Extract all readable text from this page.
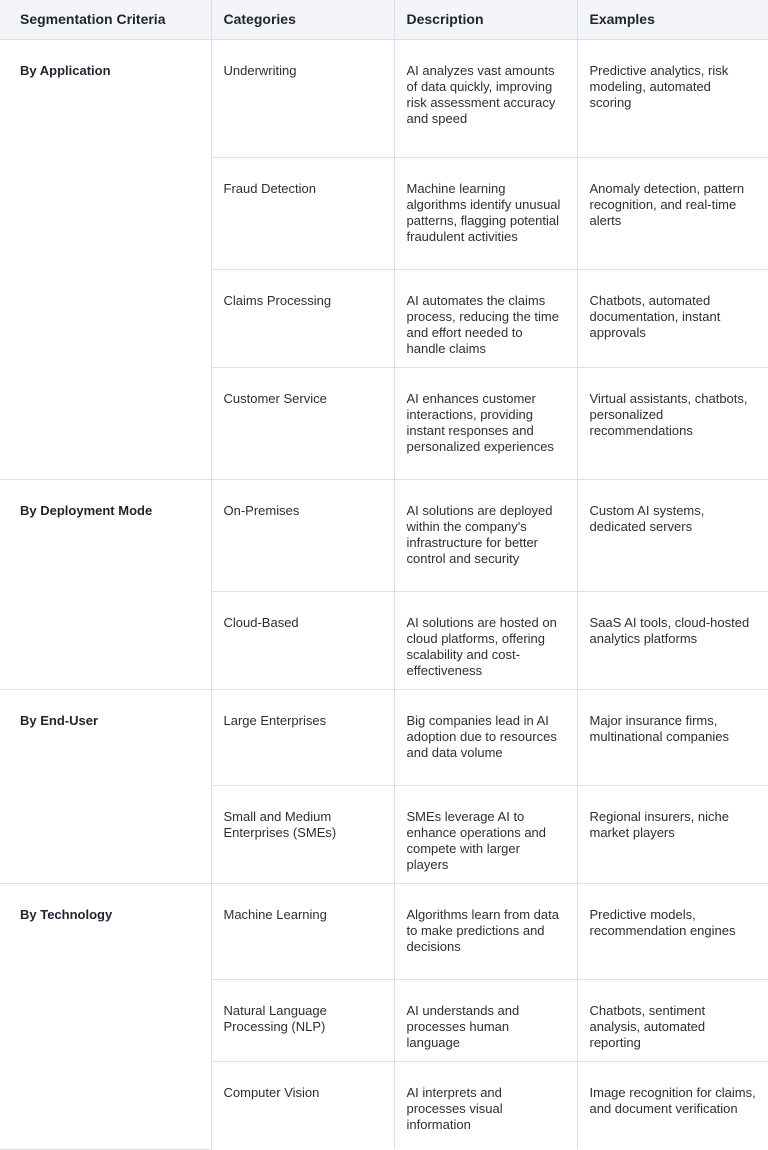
Segmentation Criteria	Categories	Description	Examples
By Application	Underwriting	AI analyzes vast amounts of data quickly, improving risk assessment accuracy and speed	Predictive analytics, risk modeling, automated scoring
	Fraud Detection	Machine learning algorithms identify unusual patterns, flagging potential fraudulent activities	Anomaly detection, pattern recognition, and real-time alerts
	Claims Processing	AI automates the claims process, reducing the time and effort needed to handle claims	Chatbots, automated documentation, instant approvals
	Customer Service	AI enhances customer interactions, providing instant responses and personalized experiences	Virtual assistants, chatbots, personalized recommendations
By Deployment Mode	On-Premises	AI solutions are deployed within the company's infrastructure for better control and security	Custom AI systems, dedicated servers
	Cloud-Based	AI solutions are hosted on cloud platforms, offering scalability and cost-effectiveness	SaaS AI tools, cloud-hosted analytics platforms
By End-User	Large Enterprises	Big companies lead in AI adoption due to resources and data volume	Major insurance firms, multinational companies
	Small and Medium Enterprises (SMEs)	SMEs leverage AI to enhance operations and compete with larger players	Regional insurers, niche market players
By Technology	Machine Learning	Algorithms learn from data to make predictions and decisions	Predictive models, recommendation engines
	Natural Language Processing (NLP)	AI understands and processes human language	Chatbots, sentiment analysis, automated reporting
	Computer Vision	AI interprets and processes visual information	Image recognition for claims, and document verification
